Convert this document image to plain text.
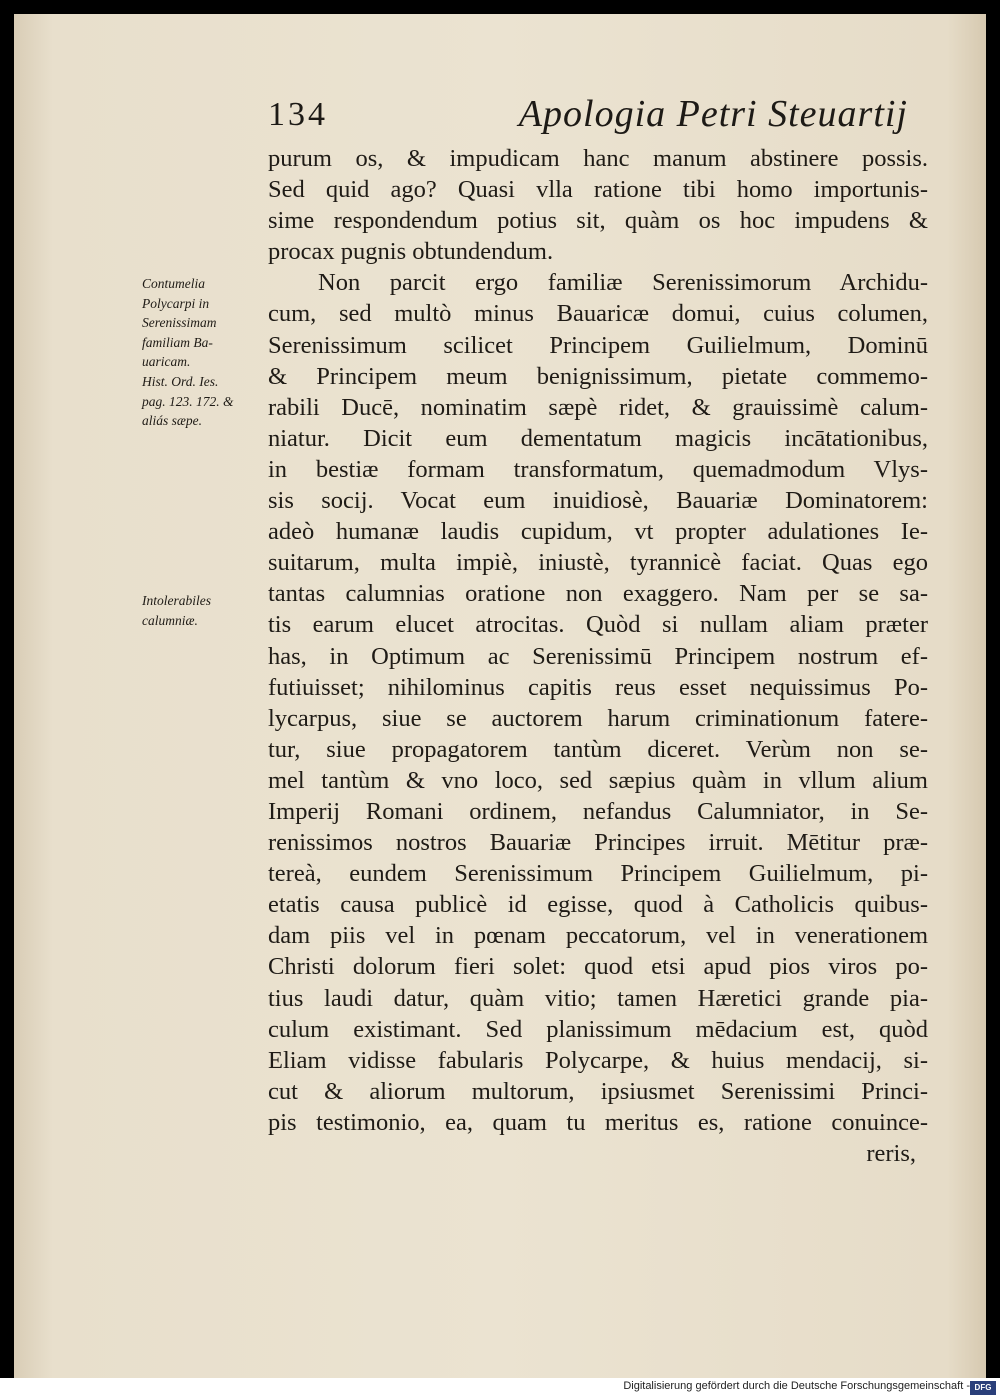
134	Apologia Petri Steuartij
purum os, & impudicam hanc manum abstinere possis.
Sed quid ago? Quasi vlla ratione tibi homo importunis-
sime respondendum potius sit, quàm os hoc impudens &
procax pugnis obtundendum.
Non parcit ergo familiæ Serenissimorum Archidu-
cum, sed multò minus Bauaricæ domui, cuius columen,
Serenissimum scilicet Principem Guilielmum, Dominū
& Principem meum benignissimum, pietate commemo-
rabili Ducē, nominatim sæpè ridet, & grauissimè calum-
niatur. Dicit eum dementatum magicis incātationibus,
in bestiæ formam transformatum, quemadmodum Vlys-
sis socij. Vocat eum inuidiosè, Bauariæ Dominatorem:
adeò humanæ laudis cupidum, vt propter adulationes Ie-
suitarum, multa impiè, iniustè, tyrannicè faciat. Quas ego
tantas calumnias oratione non exaggero. Nam per se sa-
tis earum elucet atrocitas. Quòd si nullam aliam præter
has, in Optimum ac Serenissimū Principem nostrum ef-
futiuisset; nihilominus capitis reus esset nequissimus Po-
lycarpus, siue se auctorem harum criminationum fatere-
tur, siue propagatorem tantùm diceret. Verùm non se-
mel tantùm & vno loco, sed sæpius quàm in vllum alium
Imperij Romani ordinem, nefandus Calumniator, in Se-
renissimos nostros Bauariæ Principes irruit. Mētitur præ-
tereà, eundem Serenissimum Principem Guilielmum, pi-
etatis causa publicè id egisse, quod à Catholicis quibus-
dam piis vel in pœnam peccatorum, vel in venerationem
Christi dolorum fieri solet: quod etsi apud pios viros po-
tius laudi datur, quàm vitio; tamen Hæretici grande pia-
culum existimant. Sed planissimum mēdacium est, quòd
Eliam vidisse fabularis Polycarpe, & huius mendacij, si-
cut & aliorum multorum, ipsiusmet Serenissimi Princi-
pis testimonio, ea, quam tu meritus es, ratione conuince-
reris,
Contumelia
Polycarpi in
Serenissimam
familiam Ba-
uaricam.
Hist. Ord. Ies.
pag. 123. 172. &
aliás sæpe.
Intolerabiles
calumniæ.
Digitalisierung gefördert durch die Deutsche Forschungsgemeinschaft - DFG
